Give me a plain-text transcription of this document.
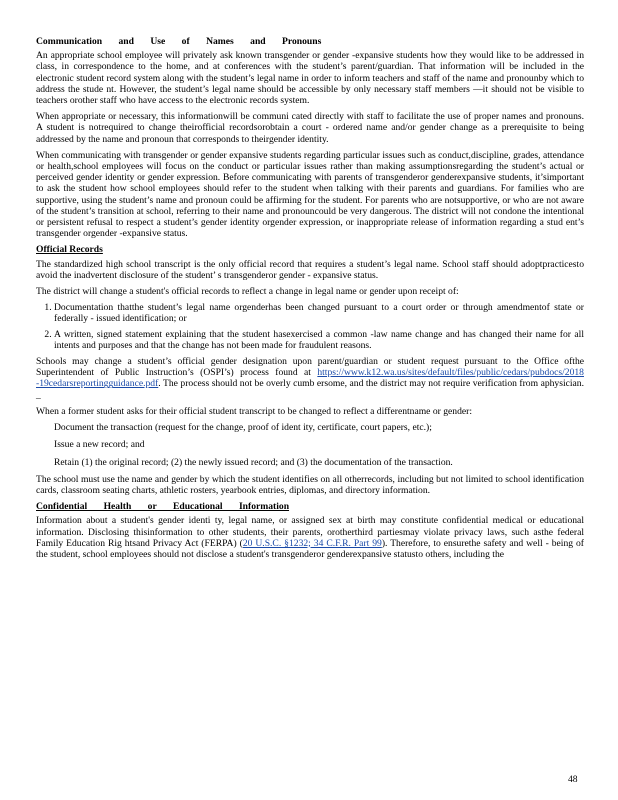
Communication and Use of Names and Pronouns

An appropriate school employee will privately ask known transgender or gender -expansive students how they would like to be addressed in class, in correspondence to the home, and at conferences with the student’s parent/guardian. That information will be included in the electronic student record system along with the student’s legal name in order to inform teachers and staff of the name and pronounby which to address the stude nt. However, the student’s legal name should be accessible by only necessary staff members —it should not be visible to teachers orother staff who have access to the electronic records system.

When appropriate or necessary, this informationwill be communi cated directly with staff to facilitate the use of proper names and pronouns. A student is notrequired to change theirofficial recordsorobtain a court - ordered name and/or gender change as a prerequisite to being addressed by the name and pronoun that corresponds to theirgender identity.

When communicating with transgender or gender expansive students regarding particular issues such as conduct,discipline, grades, attendance or health,school employees will focus on the conduct or particular issues rather than making assumptionsregarding the student’s actual or perceived gender identity or gender expression. Before communicating with parents of transgenderor genderexpansive students, it’simportant to ask the student how school employees should refer to the student when talking with their parents and guardians. For families who are supportive, using the student’s name and pronoun could be affirming for the student. For parents who are notsupportive, or who are not aware of the student’s transition at school, referring to their name and pronouncould be very dangerous. The district will not condone the intentional or persistent refusal to respect a student’s gender identity orgender expression, or inappropriate release of information regarding a stud ent’s transgender orgender -expansive status.

Official Records

The standardized high school transcript is the only official record that requires a student’s legal name. School staff should adoptpracticesto avoid the inadvertent disclosure of the student’ s transgenderor gender - expansive status.

The district will change a student's official records to reflect a change in legal name or gender upon receipt of:

1. Documentation thatthe student’s legal name orgenderhas been changed pursuant to a court order or through amendmentof state or federally - issued identification; or
2. A written, signed statement explaining that the student hasexercised a common -law name change and has changed their name for all intents and purposes and that the change has not been made for fraudulent reasons.

Schools may change a student’s official gender designation upon parent/guardian or student request pursuant to the Office ofthe Superintendent of Public Instruction’s (OSPI’s) process found at https://www.k12.wa.us/sites/default/files/public/cedars/pubdocs/2018 -19cedarsreportingguidance.pdf. The process should not be overly cumb ersome, and the district may not require verification from aphysician. _

When a former student asks for their official student transcript to be changed to reflect a differentname or gender:

Document the transaction (request for the change, proof of ident ity, certificate, court papers, etc.);
Issue a new record; and
Retain (1) the original record; (2) the newly issued record; and (3) the documentation of the transaction.

The school must use the name and gender by which the student identifies on all otherrecords, including but not limited to school identification cards, classroom seating charts, athletic rosters, yearbook entries, diplomas, and directory information.

Confidential Health or Educational Information

Information about a student's gender identi ty, legal name, or assigned sex at birth may constitute confidential medical or educational information. Disclosing thisinformation to other students, their parents, orotherthird partiesmay violate privacy laws, such asthe federal Family Education Rig htsand Privacy Act (FERPA) (20 U.S.C. §1232; 34 C.F.R. Part 99). Therefore, to ensurethe safety and well - being of the student, school employees should not disclose a student's transgenderor genderexpansive statusto others, including the

48
